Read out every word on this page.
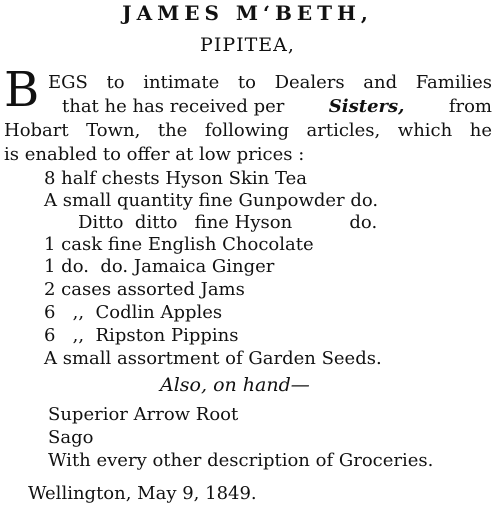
JAMES M‘BETH,
PIPITEA,
B EGS to intimate to Dealers and Families
that he has received per Sisters, from
Hobart Town, the following articles, which he
is enabled to offer at low prices :
8 half chests Hyson Skin Tea
A small quantity fine Gunpowder do.
Ditto  ditto   fine Hyson          do.
1 cask fine English Chocolate
1 do.  do. Jamaica Ginger
2 cases assorted Jams
6   ,,  Codlin Apples
6   ,,  Ripston Pippins
A small assortment of Garden Seeds.
Also, on hand—
Superior Arrow Root
Sago
With every other description of Groceries.
Wellington, May 9, 1849.
